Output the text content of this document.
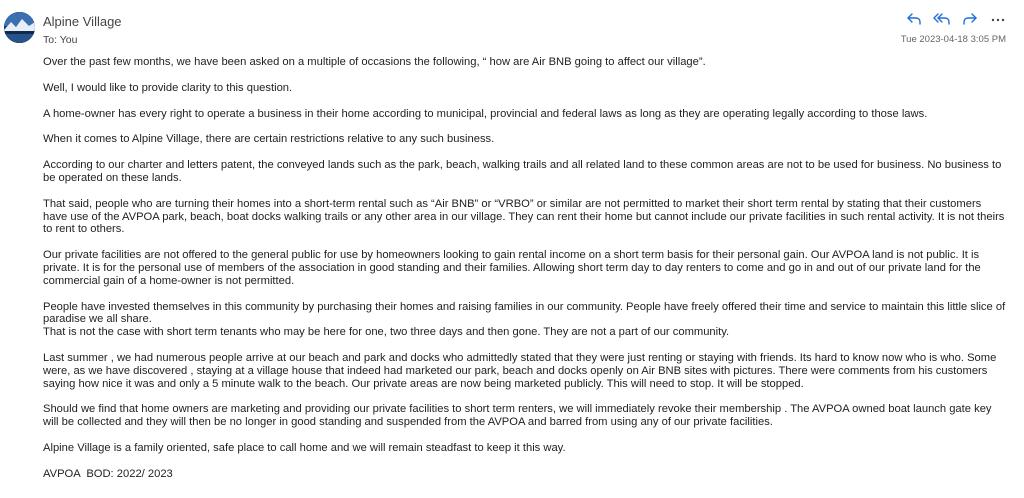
Alpine Village
To: You	Tue 2023-04-18 3:05 PM

Over the past few months, we have been asked on a multiple of occasions the following, “ how are Air BNB going to affect our village”.

Well, I would like to provide clarity to this question.

A home-owner has every right to operate a business in their home according to municipal, provincial and federal laws as long as they are operating legally according to those laws.

When it comes to Alpine Village, there are certain restrictions relative to any such business.

According to our charter and letters patent, the conveyed lands such as the park, beach, walking trails and all related land to these common areas are not to be used for business. No business to be operated on these lands.

That said, people who are turning their homes into a short-term rental such as “Air BNB” or “VRBO” or similar are not permitted to market their short term rental by stating that their customers have use of the AVPOA park, beach, boat docks walking trails or any other area in our village. They can rent their home but cannot include our private facilities in such rental activity. It is not theirs to rent to others.

Our private facilities are not offered to the general public for use by homeowners looking to gain rental income on a short term basis for their personal gain. Our AVPOA land is not public. It is private. It is for the personal use of members of the association in good standing and their families. Allowing short term day to day renters to come and go in and out of our private land for the commercial gain of a home-owner is not permitted.

People have invested themselves in this community by purchasing their homes and raising families in our community. People have freely offered their time and service to maintain this little slice of paradise we all share.
That is not the case with short term tenants who may be here for one, two three days and then gone. They are not a part of our community.

Last summer , we had numerous people arrive at our beach and park and docks who admittedly stated that they were just renting or staying with friends. Its hard to know now who is who. Some were, as we have discovered , staying at a village house that indeed had marketed our park, beach and docks openly on Air BNB sites with pictures. There were comments from his customers saying how nice it was and only a 5 minute walk to the beach. Our private areas are now being marketed publicly. This will need to stop. It will be stopped.

Should we find that home owners are marketing and providing our private facilities to short term renters, we will immediately revoke their membership . The AVPOA owned boat launch gate key will be collected and they will then be no longer in good standing and suspended from the AVPOA and barred from using any of our private facilities.

Alpine Village is a family oriented, safe place to call home and we will remain steadfast to keep it this way.

AVPOA  BOD: 2022/ 2023
